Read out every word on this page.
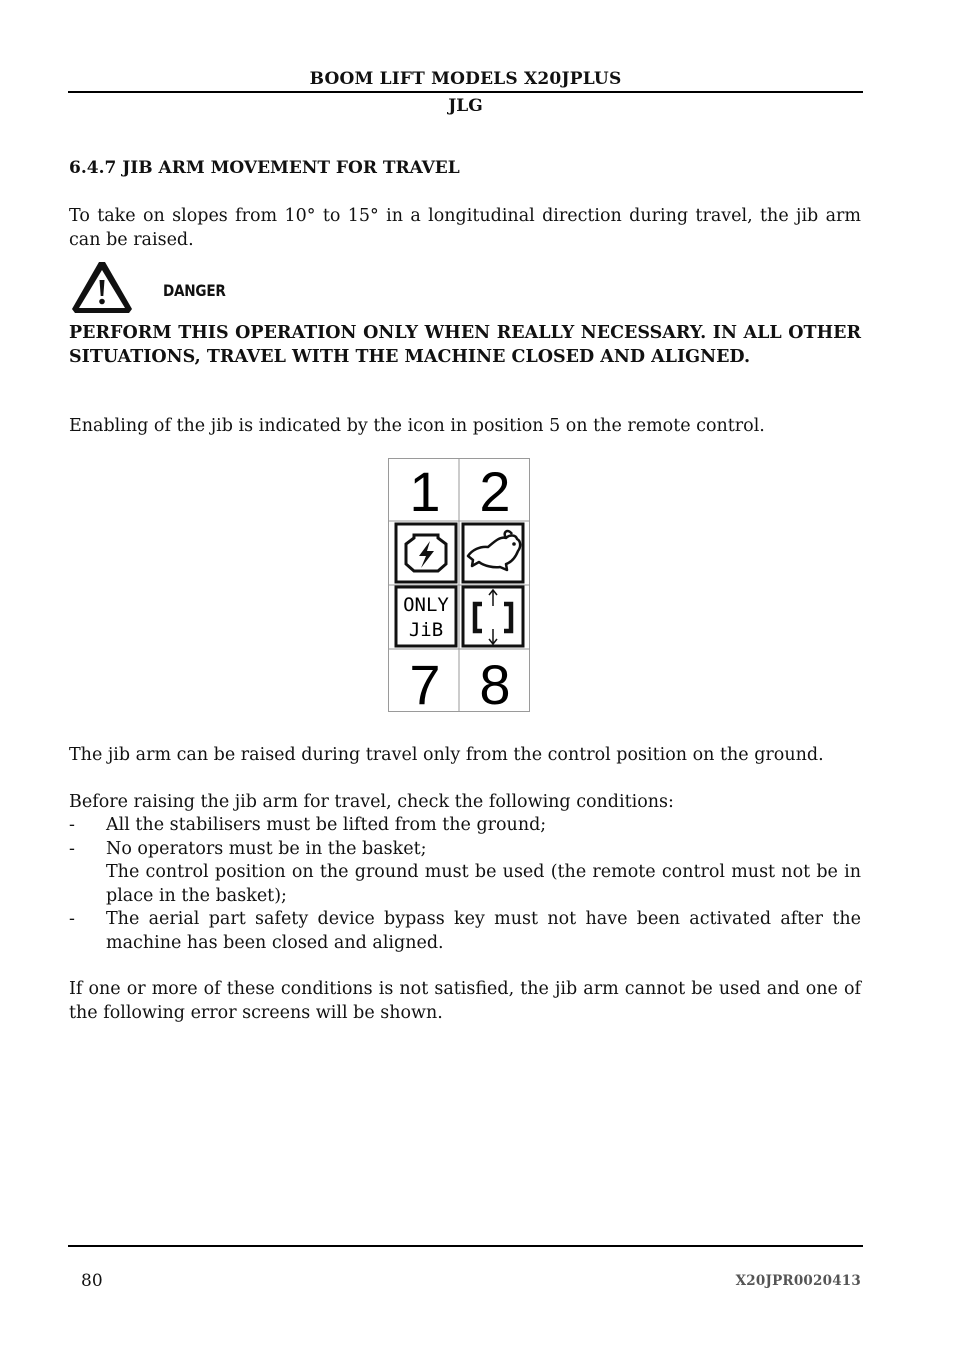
BOOM LIFT MODELS X20JPLUS
JLG
6.4.7 JIB ARM MOVEMENT FOR TRAVEL
To take on slopes from 10° to 15° in a longitudinal direction during travel, the jib arm can be raised.
DANGER
PERFORM THIS OPERATION ONLY WHEN REALLY NECESSARY. IN ALL OTHER SITUATIONS, TRAVEL WITH THE MACHINE CLOSED AND ALIGNED.
Enabling of the jib is indicated by the icon in position 5 on the remote control.
1 2
ONLY
JiB
7 8
The jib arm can be raised during travel only from the control position on the ground.
Before raising the jib arm for travel, check the following conditions:
- All the stabilisers must be lifted from the ground;
- No operators must be in the basket;
The control position on the ground must be used (the remote control must not be in place in the basket);
- The aerial part safety device bypass key must not have been activated after the machine has been closed and aligned.
If one or more of these conditions is not satisfied, the jib arm cannot be used and one of the following error screens will be shown.
80	X20JPR0020413
